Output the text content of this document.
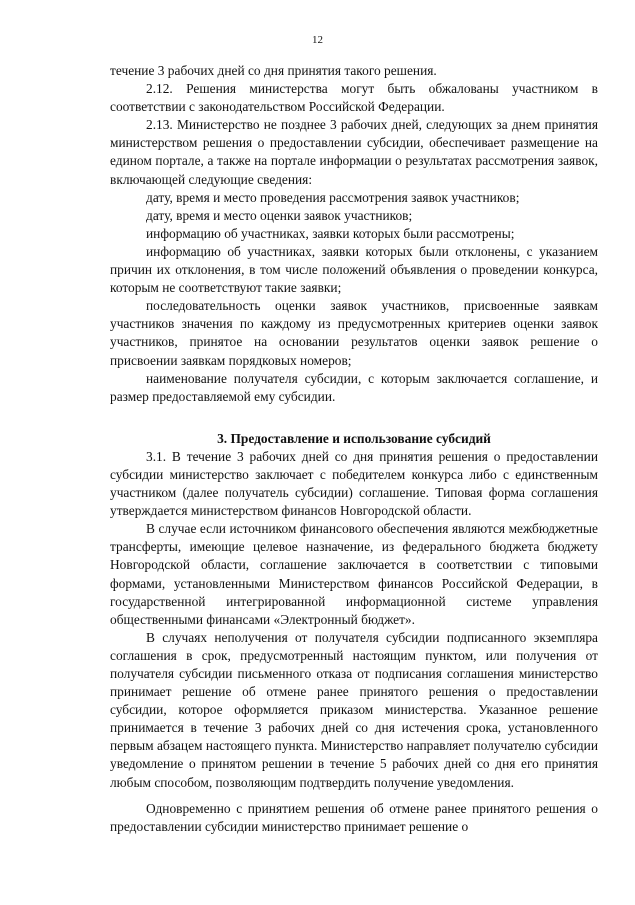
12

течение 3 рабочих дней со дня принятия такого решения.

2.12. Решения министерства могут быть обжалованы участником в соответствии с законодательством Российской Федерации.

2.13. Министерство не позднее 3 рабочих дней, следующих за днем принятия министерством решения о предоставлении субсидии, обеспечивает размещение на едином портале, а также на портале информации о результатах рассмотрения заявок, включающей следующие сведения:

дату, время и место проведения рассмотрения заявок участников;

дату, время и место оценки заявок участников;

информацию об участниках, заявки которых были рассмотрены;

информацию об участниках, заявки которых были отклонены, с указанием причин их отклонения, в том числе положений объявления о проведении конкурса, которым не соответствуют такие заявки;

последовательность оценки заявок участников, присвоенные заявкам участников значения по каждому из предусмотренных критериев оценки заявок участников, принятое на основании результатов оценки заявок решение о присвоении заявкам порядковых номеров;

наименование получателя субсидии, с которым заключается соглашение, и размер предоставляемой ему субсидии.

3. Предоставление и использование субсидий

3.1. В течение 3 рабочих дней со дня принятия решения о предоставлении субсидии министерство заключает с победителем конкурса либо с единственным участником (далее получатель субсидии) соглашение. Типовая форма соглашения утверждается министерством финансов Новгородской области.

В случае если источником финансового обеспечения являются межбюджетные трансферты, имеющие целевое назначение, из федерального бюджета бюджету Новгородской области, соглашение заключается в соответствии с типовыми формами, установленными Министерством финансов Российской Федерации, в государственной интегрированной информационной системе управления общественными финансами «Электронный бюджет».

В случаях неполучения от получателя субсидии подписанного экземпляра соглашения в срок, предусмотренный настоящим пунктом, или получения от получателя субсидии письменного отказа от подписания соглашения министерство принимает решение об отмене ранее принятого решения о предоставлении субсидии, которое оформляется приказом министерства. Указанное решение принимается в течение 3 рабочих дней со дня истечения срока, установленного первым абзацем настоящего пункта. Министерство направляет получателю субсидии уведомление о принятом решении в течение 5 рабочих дней со дня его принятия любым способом, позволяющим подтвердить получение уведомления.

Одновременно с принятием решения об отмене ранее принятого решения о предоставлении субсидии министерство принимает решение о
